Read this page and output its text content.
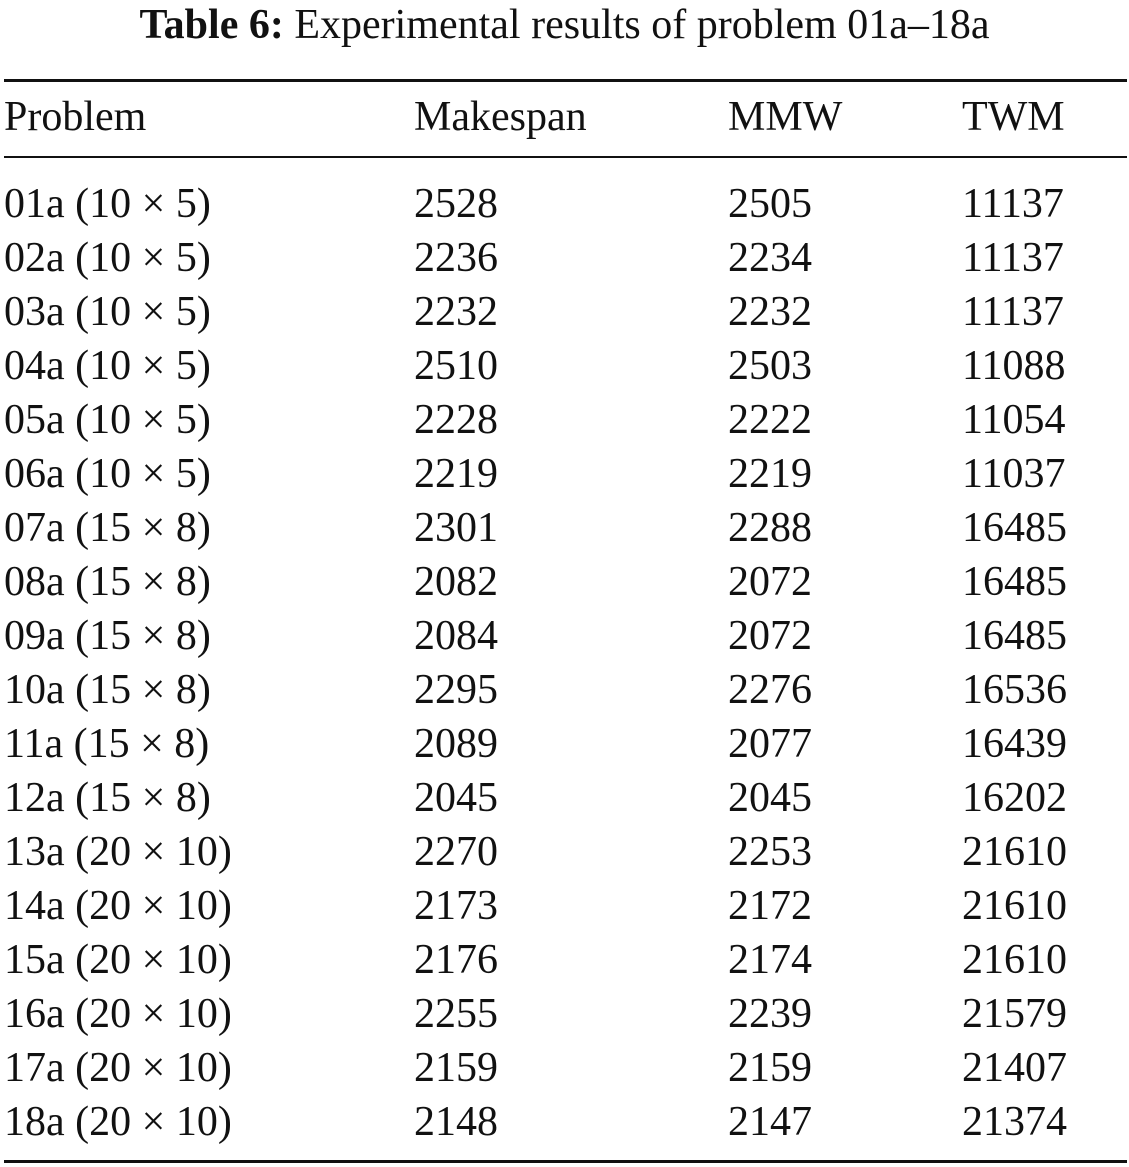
Table 6: Experimental results of problem 01a–18a
Problem	Makespan	MMW	TWM
01a (10 × 5)	2528	2505	11137
02a (10 × 5)	2236	2234	11137
03a (10 × 5)	2232	2232	11137
04a (10 × 5)	2510	2503	11088
05a (10 × 5)	2228	2222	11054
06a (10 × 5)	2219	2219	11037
07a (15 × 8)	2301	2288	16485
08a (15 × 8)	2082	2072	16485
09a (15 × 8)	2084	2072	16485
10a (15 × 8)	2295	2276	16536
11a (15 × 8)	2089	2077	16439
12a (15 × 8)	2045	2045	16202
13a (20 × 10)	2270	2253	21610
14a (20 × 10)	2173	2172	21610
15a (20 × 10)	2176	2174	21610
16a (20 × 10)	2255	2239	21579
17a (20 × 10)	2159	2159	21407
18a (20 × 10)	2148	2147	21374
